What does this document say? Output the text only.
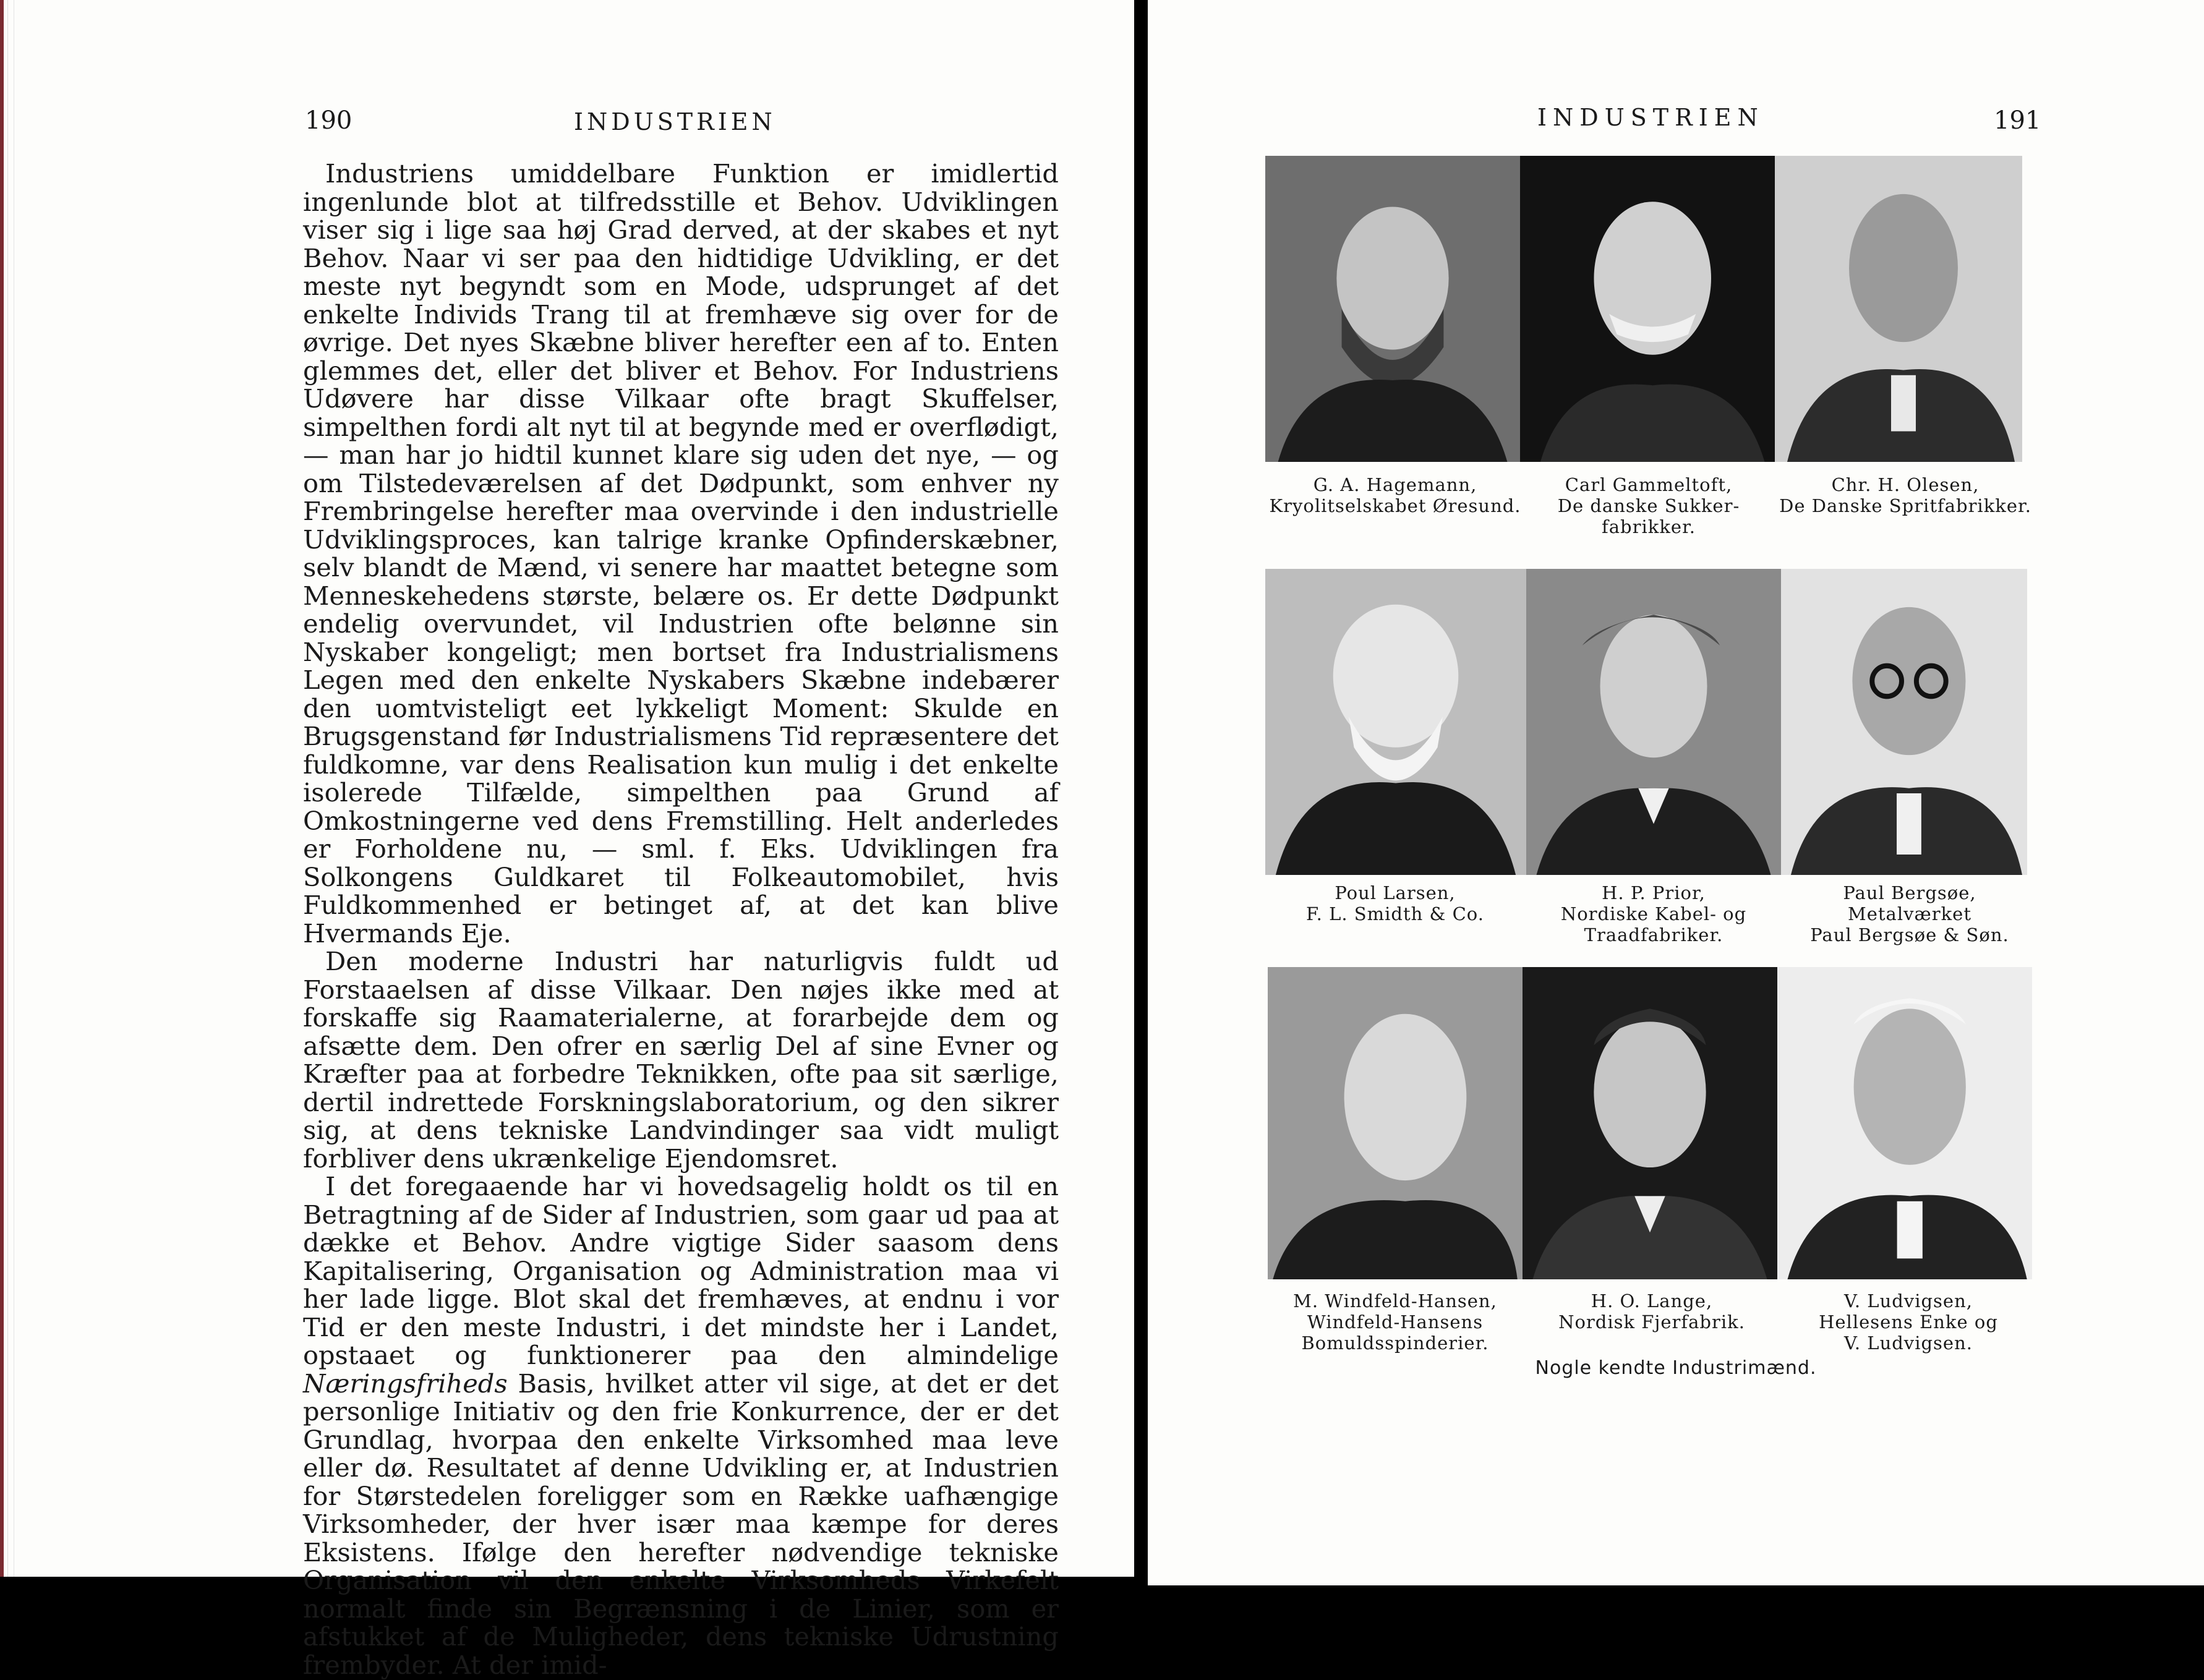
190	INDUSTRIEN

Industriens umiddelbare Funktion er imidlertid ingenlunde blot at tilfredsstille et Behov. Udviklingen viser sig i lige saa høj Grad derved, at der skabes et nyt Behov. Naar vi ser paa den hidtidige Udvikling, er det meste nyt begyndt som en Mode, udsprunget af det enkelte Individs Trang til at fremhæve sig over for de øvrige. Det nyes Skæbne bliver herefter een af to. Enten glemmes det, eller det bliver et Behov. For Industriens Udøvere har disse Vilkaar ofte bragt Skuffelser, simpelthen fordi alt nyt til at begynde med er overflødigt, — man har jo hidtil kunnet klare sig uden det nye, — og om Tilstedeværelsen af det Dødpunkt, som enhver ny Frembringelse herefter maa overvinde i den industrielle Udviklingsproces, kan talrige kranke Opfinderskæbner, selv blandt de Mænd, vi senere har maattet betegne som Menneskehedens største, belære os. Er dette Dødpunkt endelig overvundet, vil Industrien ofte belønne sin Nyskaber kongeligt; men bortset fra Industrialismens Legen med den enkelte Nyskabers Skæbne indebærer den uomtvisteligt eet lykkeligt Moment: Skulde en Brugsgenstand før Industrialismens Tid repræsentere det fuldkomne, var dens Realisation kun mulig i det enkelte isolerede Tilfælde, simpelthen paa Grund af Omkostningerne ved dens Fremstilling. Helt anderledes er Forholdene nu, — sml. f. Eks. Udviklingen fra Solkongens Guldkaret til Folkeautomobilet, hvis Fuldkommenhed er betinget af, at det kan blive Hvermands Eje.

Den moderne Industri har naturligvis fuldt ud Forstaaelsen af disse Vilkaar. Den nøjes ikke med at forskaffe sig Raamaterialerne, at forarbejde dem og afsætte dem. Den ofrer en særlig Del af sine Evner og Kræfter paa at forbedre Teknikken, ofte paa sit særlige, dertil indrettede Forskningslaboratorium, og den sikrer sig, at dens tekniske Landvindinger saa vidt muligt forbliver dens ukrænkelige Ejendomsret.

I det foregaaende har vi hovedsagelig holdt os til en Betragtning af de Sider af Industrien, som gaar ud paa at dække et Behov. Andre vigtige Sider saasom dens Kapitalisering, Organisation og Administration maa vi her lade ligge. Blot skal det fremhæves, at endnu i vor Tid er den meste Industri, i det mindste her i Landet, opstaaet og funktionerer paa den almindelige Næringsfriheds Basis, hvilket atter vil sige, at det er det personlige Initiativ og den frie Konkurrence, der er det Grundlag, hvorpaa den enkelte Virksomhed maa leve eller dø. Resultatet af denne Udvikling er, at Industrien for Størstedelen foreligger som en Række uafhængige Virksomheder, der hver især maa kæmpe for deres Eksistens. Ifølge den herefter nødvendige tekniske Organisation vil den enkelte Virksomheds Virkefelt normalt finde sin Begrænsning i de Linier, som er afstukket af de Muligheder, dens tekniske Udrustning frembyder. At der imid-

INDUSTRIEN	191
G. A. Hagemann,
Kryolitselskabet Øresund.
Carl Gammeltoft,
De danske Sukker-
fabrikker.
Chr. H. Olesen,
De Danske Spritfabrikker.
Poul Larsen,
F. L. Smidth & Co.
H. P. Prior,
Nordiske Kabel- og
Traadfabriker.
Paul Bergsøe,
Metalværket
Paul Bergsøe & Søn.
M. Windfeld-Hansen,
Windfeld-Hansens
Bomuldsspinderier.
H. O. Lange,
Nordisk Fjerfabrik.
V. Ludvigsen,
Hellesens Enke og
V. Ludvigsen.
Nogle kendte Industrimænd.
